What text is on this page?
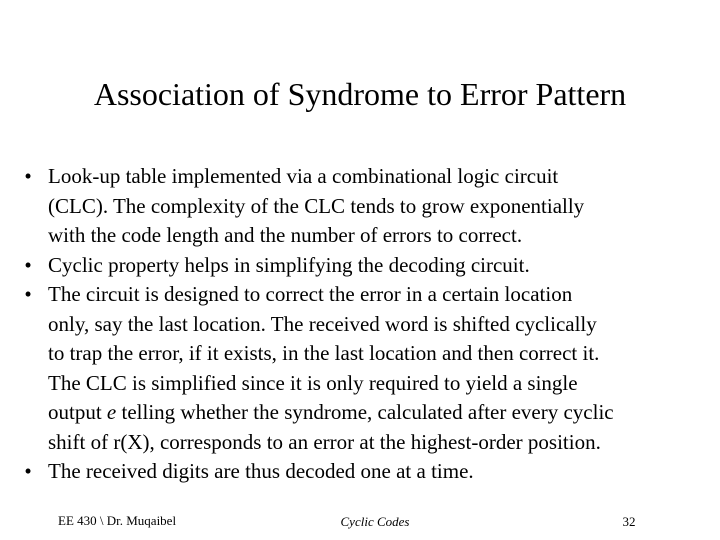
Association of Syndrome to Error Pattern
• Look-up table implemented via a combinational logic circuit
(CLC). The complexity of the CLC tends to grow exponentially
with the code length and the number of errors to correct.
• Cyclic property helps in simplifying the decoding circuit.
• The circuit is designed to correct the error in a certain location
only, say the last location. The received word is shifted cyclically
to trap the error, if it exists, in the last location and then correct it.
The CLC is simplified since it is only required to yield a single
output e telling whether the syndrome, calculated after every cyclic
shift of r(X), corresponds to an error at the highest-order position.
• The received digits are thus decoded one at a time.
EE 430 \ Dr. Muqaibel	Cyclic Codes	32
